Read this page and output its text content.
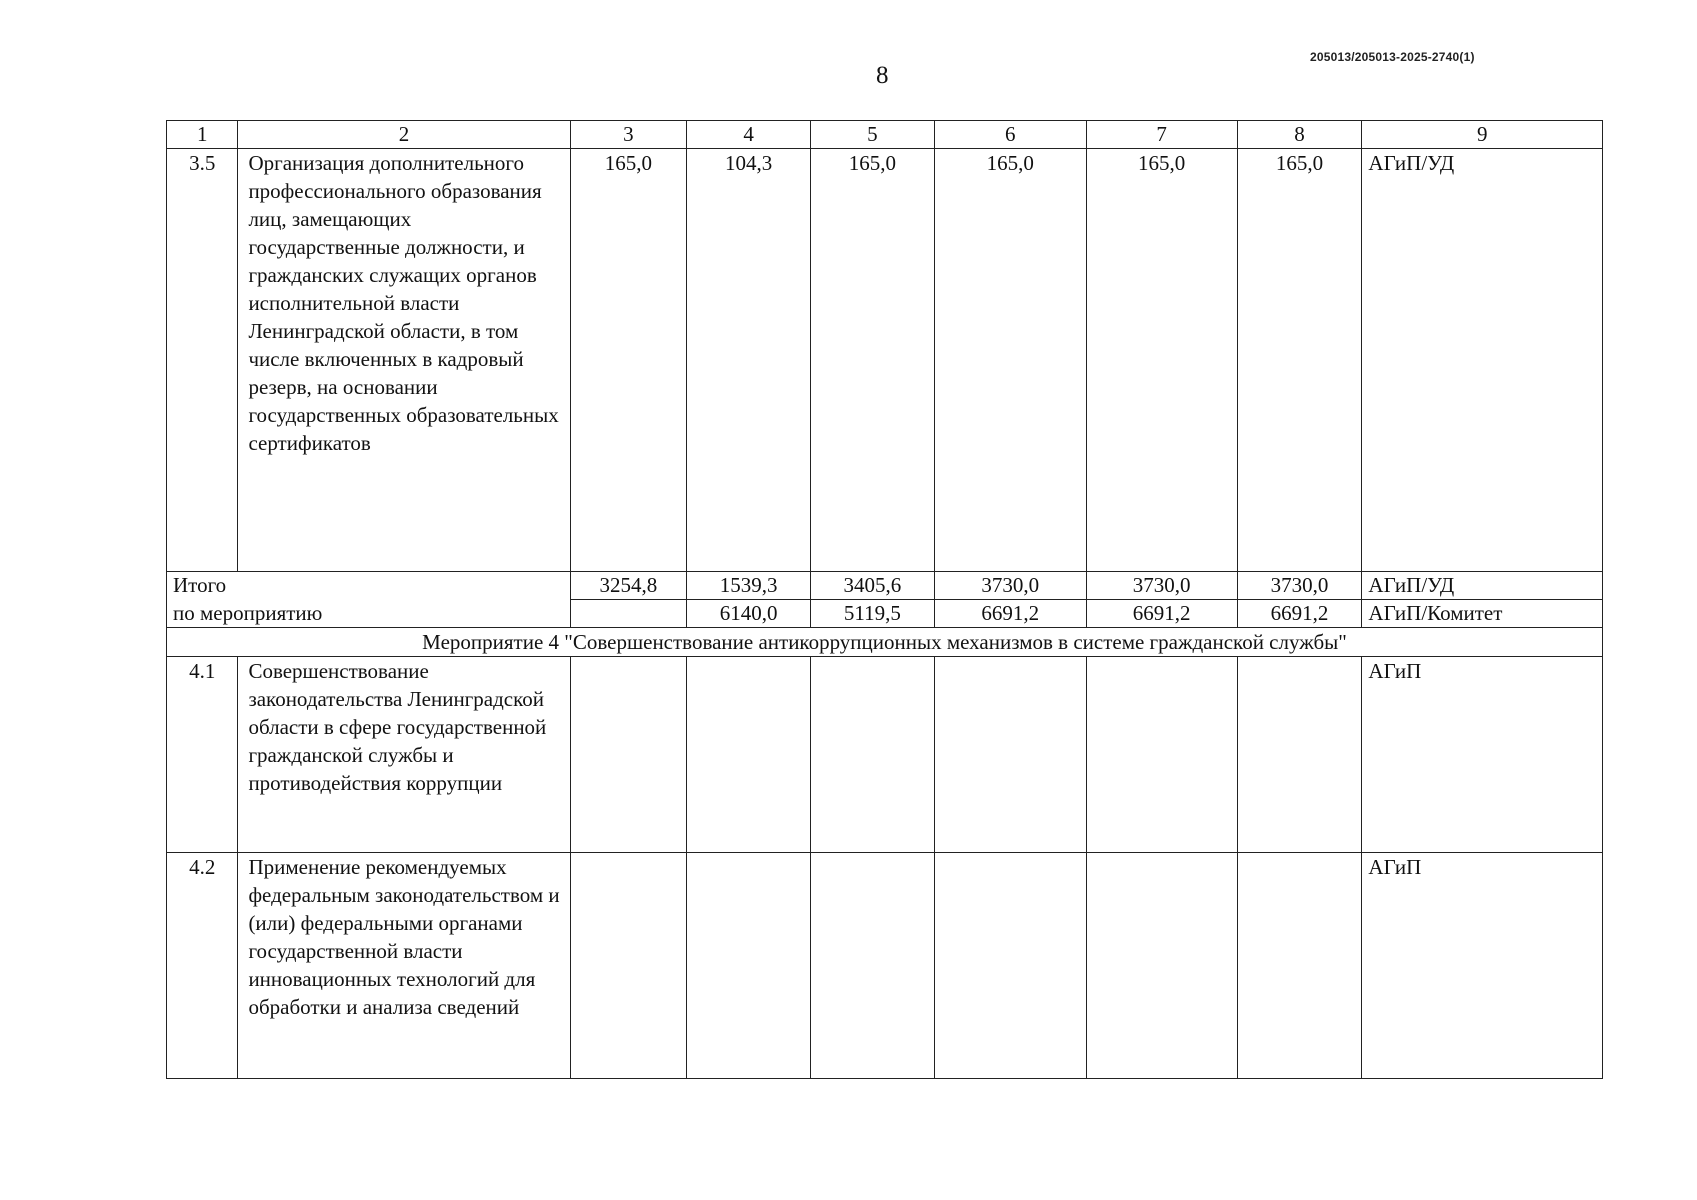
205013/205013-2025-2740(1)
8
1	2	3	4	5	6	7	8	9
3.5	Организация дополнительного профессионального образования лиц, замещающих государственные должности, и гражданских служащих органов исполнительной власти Ленинградской области, в том числе включенных в кадровый резерв, на основании государственных образовательных сертификатов	165,0	104,3	165,0	165,0	165,0	165,0	АГиП/УД
Итого		3254,8	1539,3	3405,6	3730,0	3730,0	3730,0	АГиП/УД
по мероприятию			6140,0	5119,5	6691,2	6691,2	6691,2	АГиП/Комитет
Мероприятие 4 "Совершенствование антикоррупционных механизмов в системе гражданской службы"								
4.1	Совершенствование законодательства Ленинградской области в сфере государственной гражданской службы и противодействия коррупции							АГиП
4.2	Применение рекомендуемых федеральным законодательством и (или) федеральными органами государственной власти инновационных технологий для обработки и анализа сведений							АГиП
